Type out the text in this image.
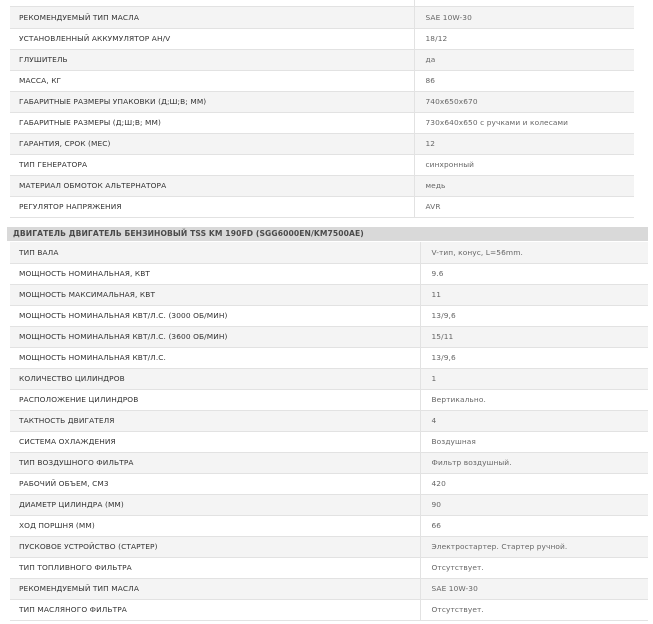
РЕКОМЕНДУЕМЫЙ ТИП МАСЛА	SAE 10W-30
УСТАНОВЛЕННЫЙ АККУМУЛЯТОР АН/V	18/12
ГЛУШИТЕЛЬ	да
МАССА, КГ	86
ГАБАРИТНЫЕ РАЗМЕРЫ УПАКОВКИ (Д;Ш;В; ММ)	740x650x670
ГАБАРИТНЫЕ РАЗМЕРЫ (Д;Ш;В; ММ)	730x640x650 с ручками и колесами
ГАРАНТИЯ, СРОК (МЕС)	12
ТИП ГЕНЕРАТОРА	синхронный
МАТЕРИАЛ ОБМОТОК АЛЬТЕРНАТОРА	медь
РЕГУЛЯТОР НАПРЯЖЕНИЯ	AVR
ДВИГАТЕЛЬ ДВИГАТЕЛЬ БЕНЗИНОВЫЙ TSS KM 190FD (SGG6000EN/KM7500AE)
ТИП ВАЛА	V-тип, конус, L=56mm.
МОЩНОСТЬ НОМИНАЛЬНАЯ, КВТ	9.6
МОЩНОСТЬ МАКСИМАЛЬНАЯ, КВТ	11
МОЩНОСТЬ НОМИНАЛЬНАЯ КВТ/Л.С. (3000 ОБ/МИН)	13/9,6
МОЩНОСТЬ НОМИНАЛЬНАЯ КВТ/Л.С. (3600 ОБ/МИН)	15/11
МОЩНОСТЬ НОМИНАЛЬНАЯ КВТ/Л.С.	13/9,6
КОЛИЧЕСТВО ЦИЛИНДРОВ	1
РАСПОЛОЖЕНИЕ ЦИЛИНДРОВ	Вертикально.
ТАКТНОСТЬ ДВИГАТЕЛЯ	4
СИСТЕМА ОХЛАЖДЕНИЯ	Воздушная
ТИП ВОЗДУШНОГО ФИЛЬТРА	Фильтр воздушный.
РАБОЧИЙ ОБЪЕМ, СМ3	420
ДИАМЕТР ЦИЛИНДРА (ММ)	90
ХОД ПОРШНЯ (ММ)	66
ПУСКОВОЕ УСТРОЙСТВО (СТАРТЕР)	Электростартер. Стартер ручной.
ТИП ТОПЛИВНОГО ФИЛЬТРА	Отсутствует.
РЕКОМЕНДУЕМЫЙ ТИП МАСЛА	SAE 10W-30
ТИП МАСЛЯНОГО ФИЛЬТРА	Отсутствует.
